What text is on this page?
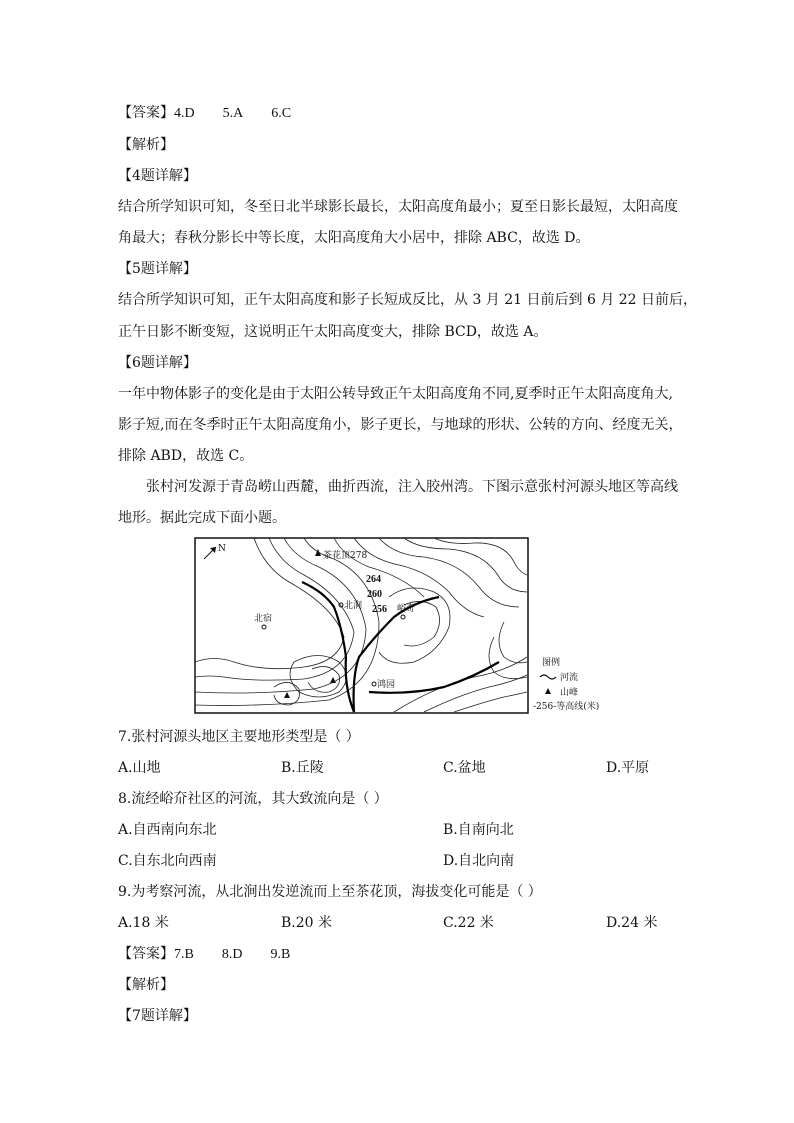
【答案】4.D 5.A 6.C
【解析】
【4题详解】
结合所学知识可知，冬至日北半球影长最长，太阳高度角最小；夏至日影长最短，太阳高度
角最大；春秋分影长中等长度，太阳高度角大小居中，排除 ABC，故选 D。
【5题详解】
结合所学知识可知，正午太阳高度和影子长短成反比，从 3 月 21 日前后到 6 月 22 日前后，
正午日影不断变短，这说明正午太阳高度变大，排除 BCD，故选 A。
【6题详解】
一年中物体影子的变化是由于太阳公转导致正午太阳高度角不同,夏季时正午太阳高度角大,
影子短,而在冬季时正午太阳高度角小，影子更长，与地球的形状、公转的方向、经度无关，
排除 ABD，故选 C。
张村河发源于青岛崂山西麓，曲折西流，注入胶州湾。下图示意张村河源头地区等高线
地形。据此完成下面小题。
N
茶花顶278
264
260
256
北涧	峪奇
北宿
鸿园
图例
河流
山峰
-256-等高线(米)
7.张村河源头地区主要地形类型是（ ）
A.山地	B.丘陵	C.盆地	D.平原
8.流经峪夼社区的河流，其大致流向是（ ）
A.自西南向东北	B.自南向北
C.自东北向西南	D.自北向南
9.为考察河流，从北涧出发逆流而上至茶花顶，海拔变化可能是（ ）
A.18 米	B.20 米	C.22 米	D.24 米
【答案】7.B 8.D 9.B
【解析】
【7题详解】
